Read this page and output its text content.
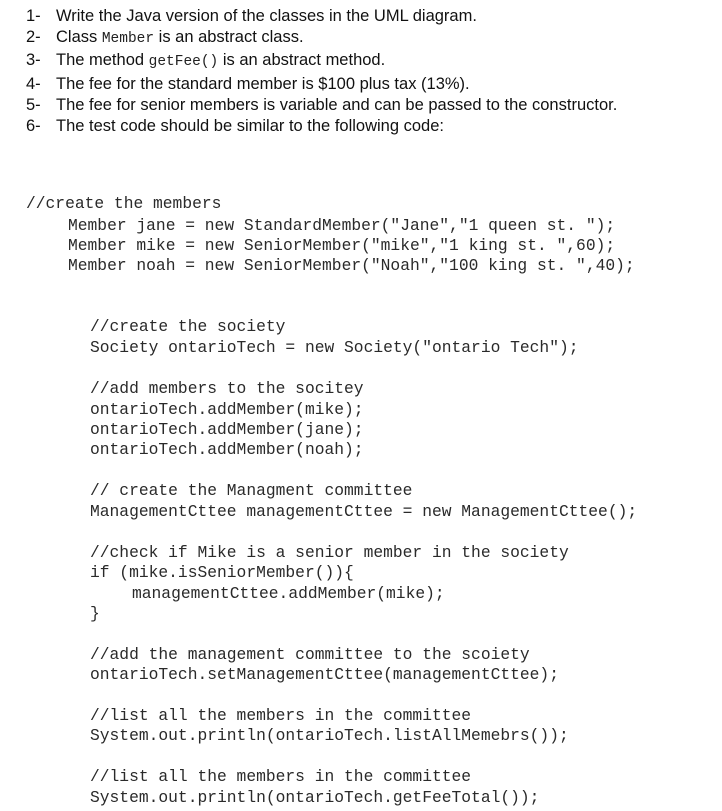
1- Write the Java version of the classes in the UML diagram.
2- Class Member is an abstract class.
3- The method getFee() is an abstract method.
4- The fee for the standard member is $100 plus tax (13%).
5- The fee for senior members is variable and can be passed to the constructor.
6- The test code should be similar to the following code:
//create the members
Member jane = new StandardMember("Jane","1 queen st. ");
Member mike = new SeniorMember("mike","1 king st. ",60);
Member noah = new SeniorMember("Noah","100 king st. ",40);
//create the society
Society ontarioTech = new Society("ontario Tech");
//add members to the socitey
ontarioTech.addMember(mike);
ontarioTech.addMember(jane);
ontarioTech.addMember(noah);
// create the Managment committee
ManagementCttee managementCttee = new ManagementCttee();
//check if Mike is a senior member in the society
if (mike.isSeniorMember()){
managementCttee.addMember(mike);
}
//add the management committee to the scoiety
ontarioTech.setManagementCttee(managementCttee);
//list all the members in the committee
System.out.println(ontarioTech.listAllMemebrs());
//list all the members in the committee
System.out.println(ontarioTech.getFeeTotal());
